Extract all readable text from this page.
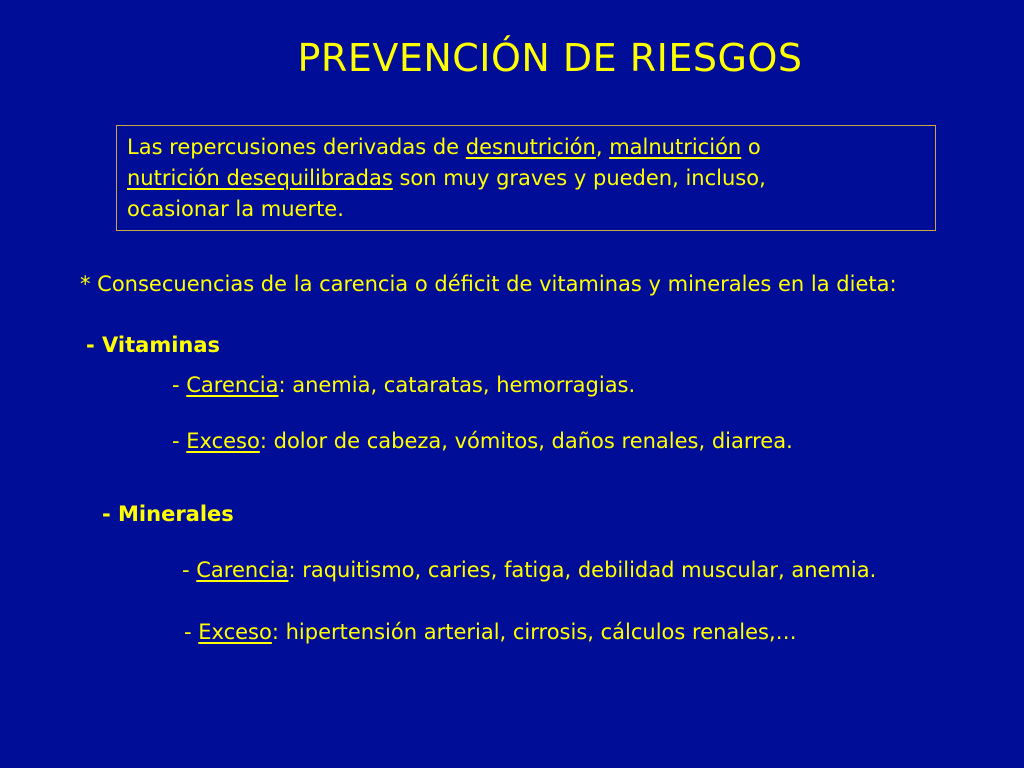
PREVENCIÓN DE RIESGOS
Las repercusiones derivadas de desnutrición, malnutrición o
nutrición desequilibradas son muy graves y pueden, incluso,
ocasionar la muerte.
* Consecuencias de la carencia o déficit de vitaminas y minerales en la dieta:
- Vitaminas
- Carencia: anemia, cataratas, hemorragias.
- Exceso: dolor de cabeza, vómitos, daños renales, diarrea.
- Minerales
- Carencia: raquitismo, caries, fatiga, debilidad muscular, anemia.
- Exceso: hipertensión arterial, cirrosis, cálculos renales,…
